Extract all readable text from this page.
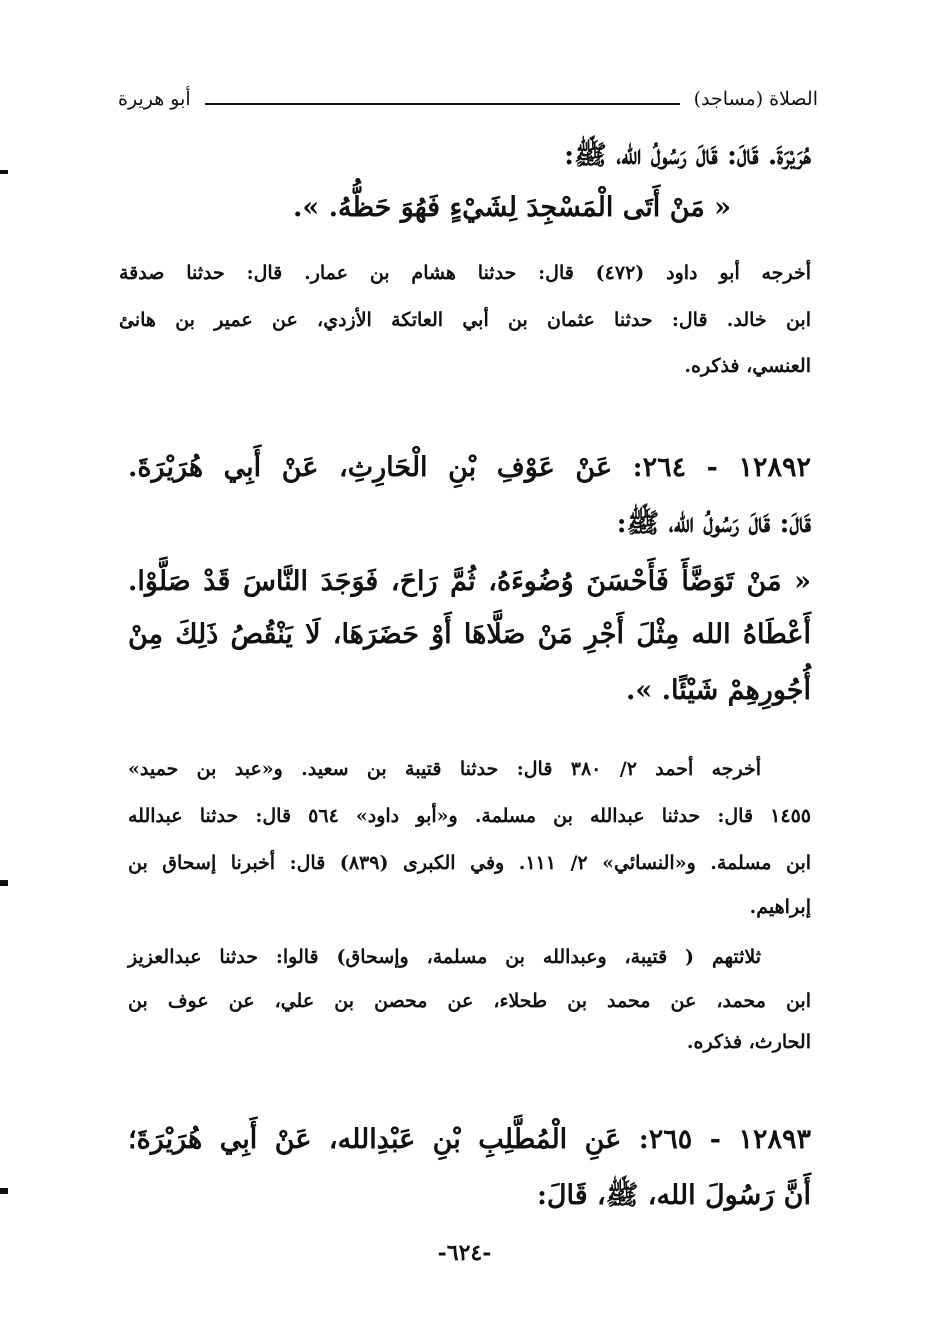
الصلاة (مساجد)
أبو هريرة
هُرَيْرَةَ. قَالَ: قَالَ رَسُولُ الله، ﷺ:
« مَنْ أَتَى الْمَسْجِدَ لِشَيْءٍ فَهُوَ حَظُّهُ. ».
أخرجه أبو داود (٤٧٢) قال: حدثنا هشام بن عمار. قال: حدثنا صدقة
ابن خالد. قال: حدثنا عثمان بن أبي العاتكة الأزدي، عن عمير بن هانئ
العنسي، فذكره.
١٢٨٩٢ - ٢٦٤: عَنْ عَوْفِ بْنِ الْحَارِثِ، عَنْ أَبِي هُرَيْرَةَ.
قَالَ: قَالَ رَسُولُ الله، ﷺ:
« مَنْ تَوَضَّأَ فَأَحْسَنَ وُضُوءَهُ، ثُمَّ رَاحَ، فَوَجَدَ النَّاسَ قَدْ صَلَّوْا.
أَعْطَاهُ الله مِثْلَ أَجْرِ مَنْ صَلَّاهَا أَوْ حَضَرَهَا، لَا يَنْقُصُ ذَلِكَ مِنْ
أُجُورِهِمْ شَيْئًا. ».
أخرجه أحمد ٢/ ٣٨٠ قال: حدثنا قتيبة بن سعيد. و«عبد بن حميد»
١٤٥٥ قال: حدثنا عبدالله بن مسلمة. و«أبو داود» ٥٦٤ قال: حدثنا عبدالله
ابن مسلمة. و«النسائي» ٢/ ١١١. وفي الكبرى (٨٣٩) قال: أخبرنا إسحاق بن
إبراهيم.
ثلاثتهم ( قتيبة، وعبدالله بن مسلمة، وإسحاق) قالوا: حدثنا عبدالعزيز
ابن محمد، عن محمد بن طحلاء، عن محصن بن علي، عن عوف بن
الحارث، فذكره.
١٢٨٩٣ - ٢٦٥: عَنِ الْمُطَّلِبِ بْنِ عَبْدِالله، عَنْ أَبِي هُرَيْرَةَ؛
أَنَّ رَسُولَ الله، ﷺ، قَالَ:
-٦٢٤-
